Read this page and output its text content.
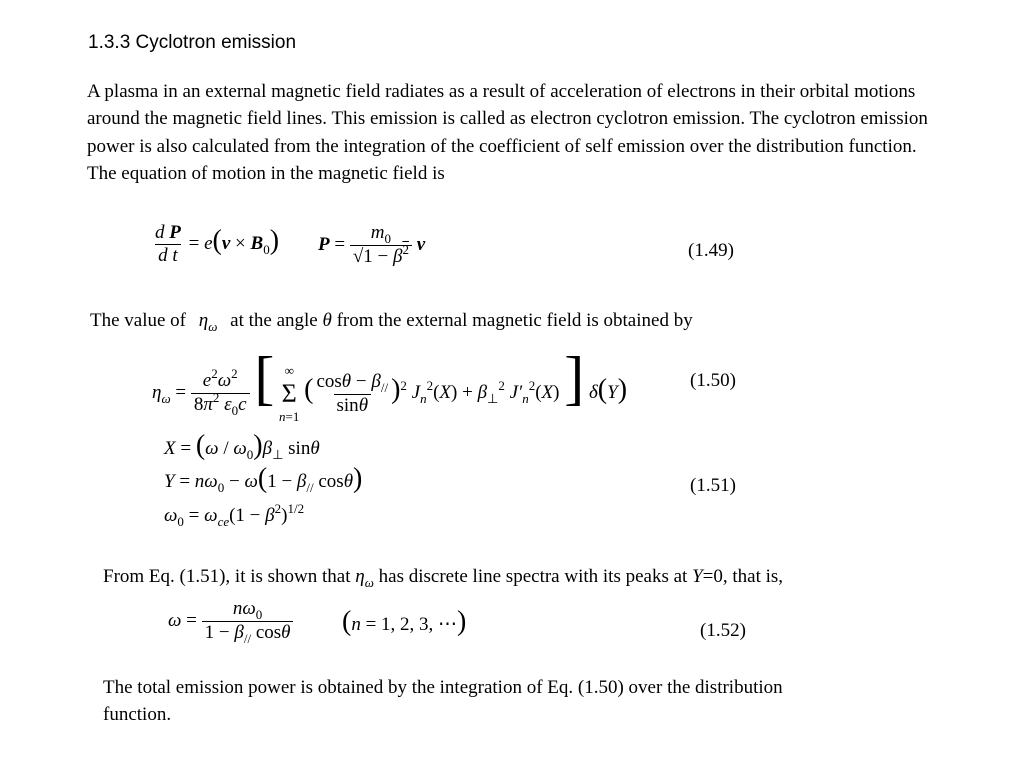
1.3.3 Cyclotron emission
A plasma in an external magnetic field radiates as a result of acceleration of electrons in their orbital motions around the magnetic field lines. This emission is called as electron cyclotron emission. The cyclotron emission power is also calculated from the integration of the coefficient of self emission over the distribution function. The equation of motion in the magnetic field is
$\frac{\text{d P}}{\text{d t}} = e(v \times B_0) P = \frac{m_0}{√1 - \beta^2}$ v	(1.49)
The value of $\eta_\omega$ at the angle θ from the external magnetic field is obtained by
$\eta_\omega = \frac{e^2\omega^2}{8\pi^2 \varepsilon_0c}$ [ ∞
Σ
n=1
( $\frac{\cos\theta - \beta_{//}}{\sin\theta} )^2$ $J_n^2(X) + \beta_\perp^2$ $J'_n^2(X)$ ] δ(Y)	(1.50)
$X = (\omega / \omega_0)\beta_\perp$ sinθ
$Y = n\omega_0 - \omega(1 - \beta_{//}$ cosθ)
$\omega_0 = \omega_{ce}(1 - \beta^2)^{1/2}$
(1.51)
From Eq. (1.51), it is shown that $\eta_\omega$ has discrete line spectra with its peaks at Y=0, that is,
$\omega = \frac{n\omega_0}{1 - \beta_{//} \cos\theta} (n = 1$, 2, 3, ⋯)	(1.52)
The total emission power is obtained by the integration of Eq. (1.50) over the distribution function.
